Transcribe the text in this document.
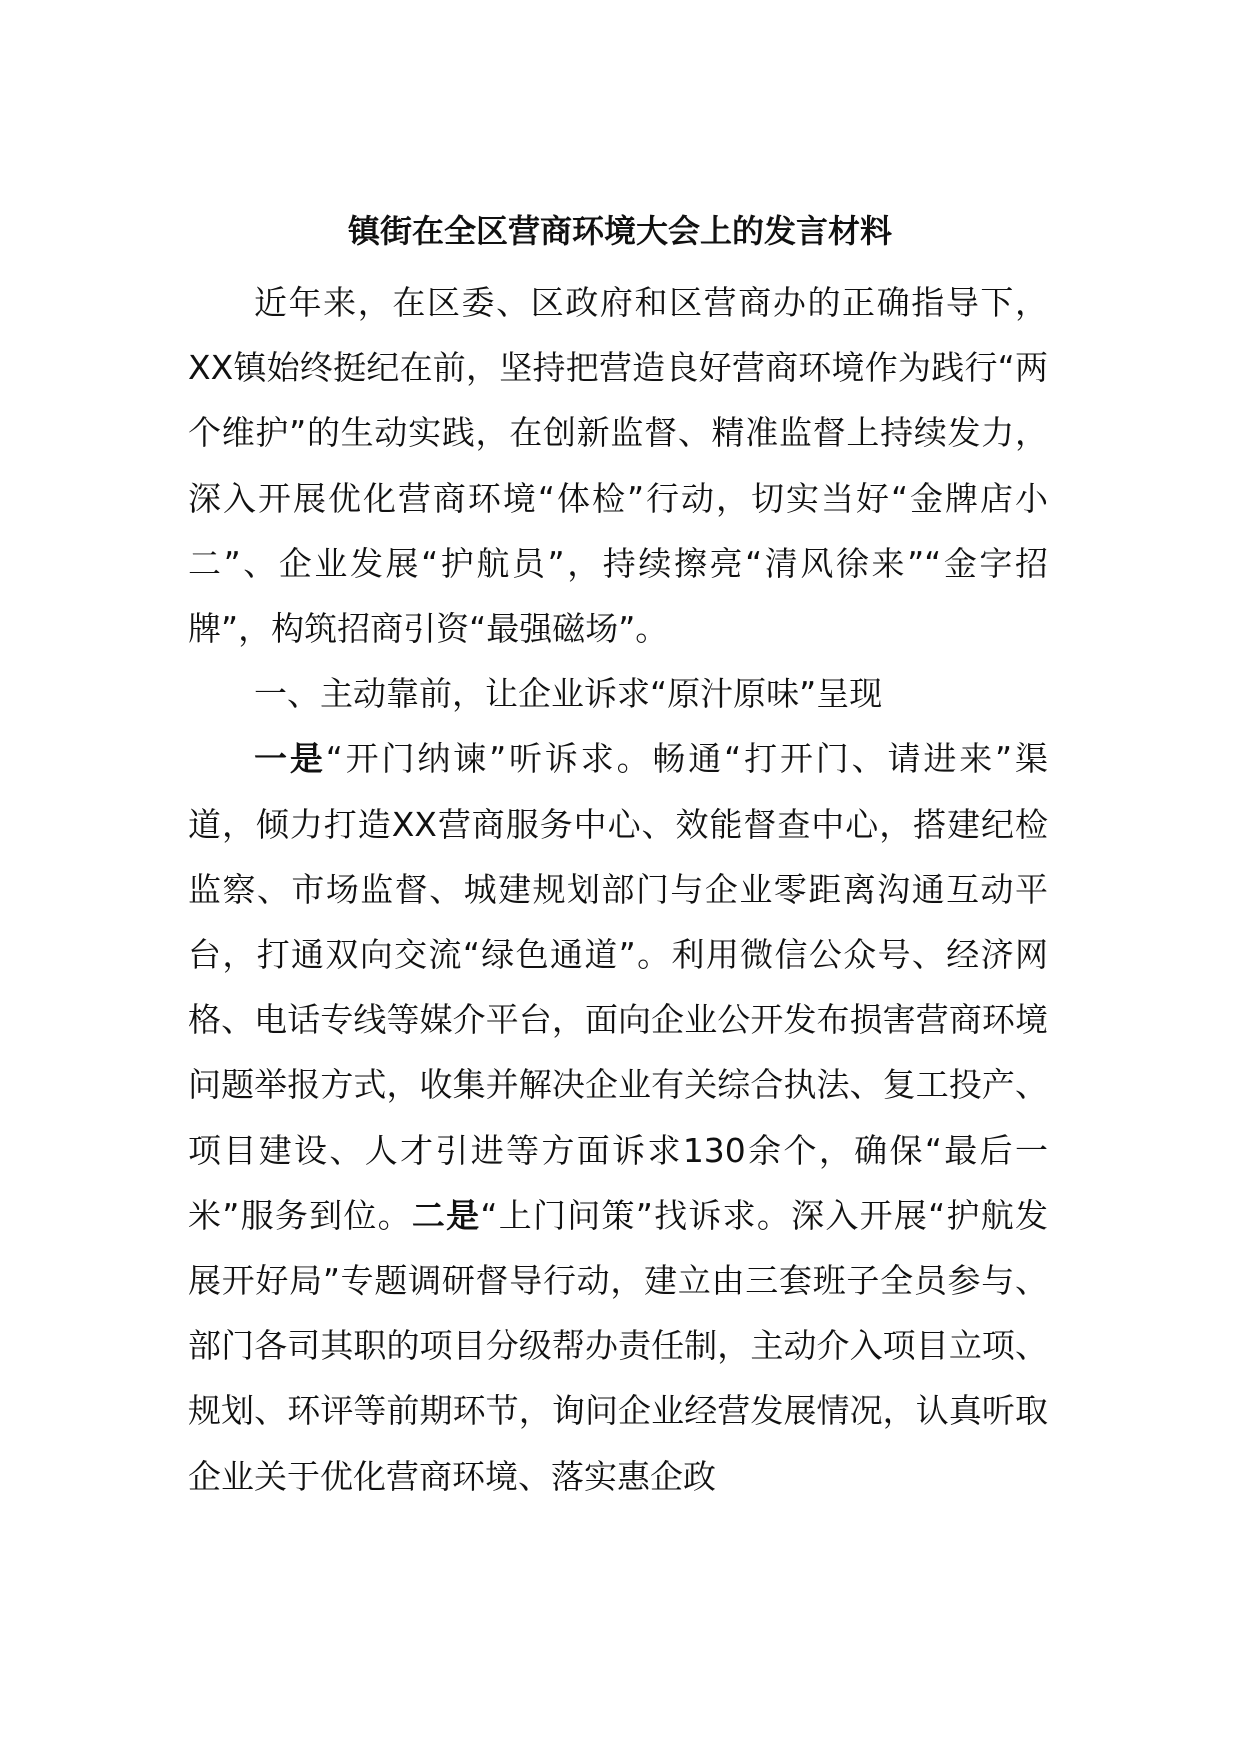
镇街在全区营商环境大会上的发言材料

近年来，在区委、区政府和区营商办的正确指导下，XX镇始终挺纪在前，坚持把营造良好营商环境作为践行“两个维护”的生动实践，在创新监督、精准监督上持续发力，深入开展优化营商环境“体检”行动，切实当好“金牌店小二”、企业发展“护航员”，持续擦亮“清风徐来”“金字招牌”，构筑招商引资“最强磁场”。

一、主动靠前，让企业诉求“原汁原味”呈现

一是“开门纳谏”听诉求。畅通“打开门、请进来”渠道，倾力打造XX营商服务中心、效能督查中心，搭建纪检监察、市场监督、城建规划部门与企业零距离沟通互动平台，打通双向交流“绿色通道”。利用微信公众号、经济网格、电话专线等媒介平台，面向企业公开发布损害营商环境问题举报方式，收集并解决企业有关综合执法、复工投产、项目建设、人才引进等方面诉求130余个，确保“最后一米”服务到位。二是“上门问策”找诉求。深入开展“护航发展开好局”专题调研督导行动，建立由三套班子全员参与、部门各司其职的项目分级帮办责任制，主动介入项目立项、规划、环评等前期环节，询问企业经营发展情况，认真听取企业关于优化营商环境、落实惠企政
